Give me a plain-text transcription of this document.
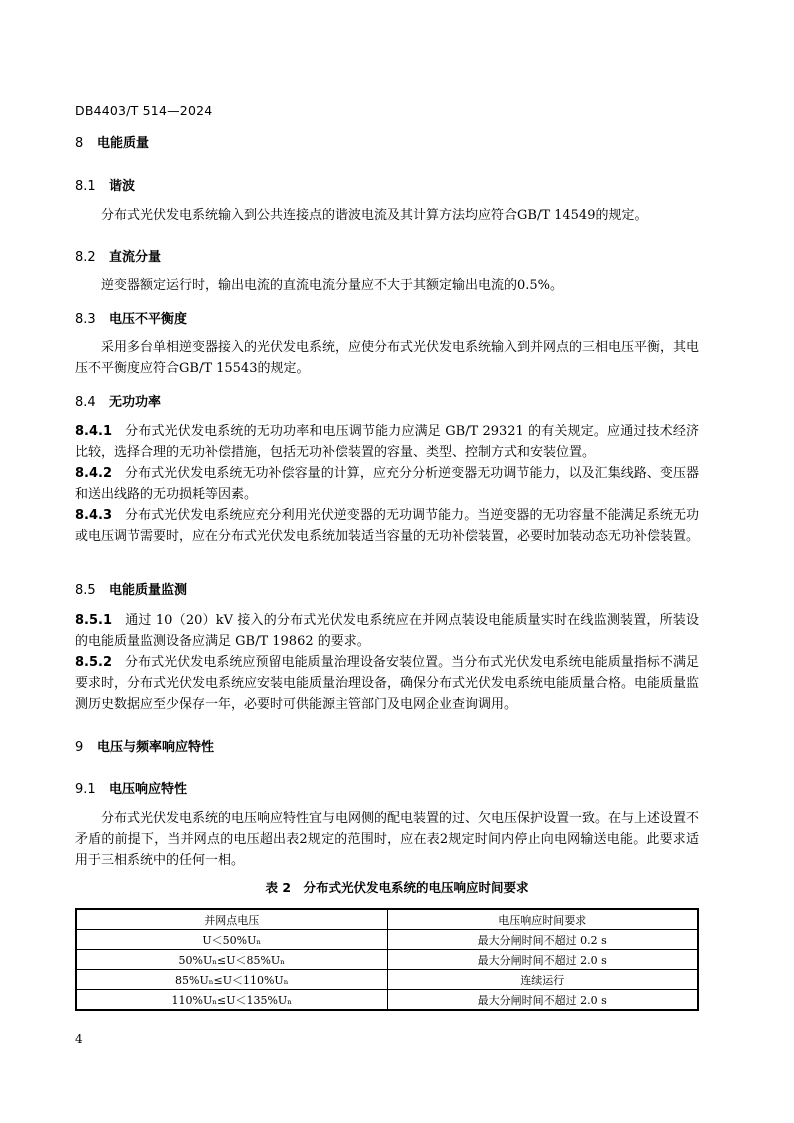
DB4403/T 514—2024
8 电能质量
8.1 谐波
分布式光伏发电系统输入到公共连接点的谐波电流及其计算方法均应符合GB/T 14549的规定。
8.2 直流分量
逆变器额定运行时，输出电流的直流电流分量应不大于其额定输出电流的0.5%。
8.3 电压不平衡度
采用多台单相逆变器接入的光伏发电系统，应使分布式光伏发电系统输入到并网点的三相电压平衡，其电压不平衡度应符合GB/T 15543的规定。
8.4 无功功率
8.4.1 分布式光伏发电系统的无功功率和电压调节能力应满足 GB/T 29321 的有关规定。应通过技术经济比较，选择合理的无功补偿措施，包括无功补偿装置的容量、类型、控制方式和安装位置。
8.4.2 分布式光伏发电系统无功补偿容量的计算，应充分分析逆变器无功调节能力，以及汇集线路、变压器和送出线路的无功损耗等因素。
8.4.3 分布式光伏发电系统应充分利用光伏逆变器的无功调节能力。当逆变器的无功容量不能满足系统无功或电压调节需要时，应在分布式光伏发电系统加装适当容量的无功补偿装置，必要时加装动态无功补偿装置。
8.5 电能质量监测
8.5.1 通过 10（20）kV 接入的分布式光伏发电系统应在并网点装设电能质量实时在线监测装置，所装设的电能质量监测设备应满足 GB/T 19862 的要求。
8.5.2 分布式光伏发电系统应预留电能质量治理设备安装位置。当分布式光伏发电系统电能质量指标不满足要求时，分布式光伏发电系统应安装电能质量治理设备，确保分布式光伏发电系统电能质量合格。电能质量监测历史数据应至少保存一年，必要时可供能源主管部门及电网企业查询调用。
9 电压与频率响应特性
9.1 电压响应特性
分布式光伏发电系统的电压响应特性宜与电网侧的配电装置的过、欠电压保护设置一致。在与上述设置不矛盾的前提下，当并网点的电压超出表2规定的范围时，应在表2规定时间内停止向电网输送电能。此要求适用于三相系统中的任何一相。
表 2　分布式光伏发电系统的电压响应时间要求
并网点电压	电压响应时间要求
U＜50%Uₙ	最大分闸时间不超过 0.2 s
50%Uₙ≤U＜85%Uₙ	最大分闸时间不超过 2.0 s
85%Uₙ≤U＜110%Uₙ	连续运行
110%Uₙ≤U＜135%Uₙ	最大分闸时间不超过 2.0 s
4
